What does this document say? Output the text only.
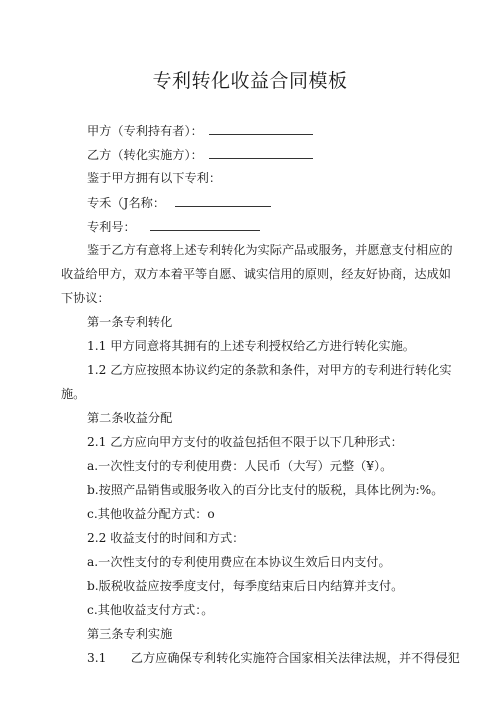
专利转化收益合同模板
甲方（专利持有者）：
乙方（转化实施方）：
鉴于甲方拥有以下专利：
专禾（J名称：
专利号：
鉴于乙方有意将上述专利转化为实际产品或服务，并愿意支付相应的
收益给甲方，双方本着平等自愿、诚实信用的原则，经友好协商，达成如
下协议：
第一条专利转化
1.1 甲方同意将其拥有的上述专利授权给乙方进行转化实施。
1.2 乙方应按照本协议约定的条款和条件，对甲方的专利进行转化实
施。
第二条收益分配
2.1 乙方应向甲方支付的收益包括但不限于以下几种形式：
a.一次性支付的专利使用费：人民币（大写）元整（¥）。
b.按照产品销售或服务收入的百分比支付的版税，具体比例为:%。
c.其他收益分配方式：o
2.2 收益支付的时间和方式：
a.一次性支付的专利使用费应在本协议生效后日内支付。
b.版税收益应按季度支付，每季度结束后日内结算并支付。
c.其他收益支付方式：。
第三条专利实施
3.1　　乙方应确保专利转化实施符合国家相关法律法规，并不得侵犯
